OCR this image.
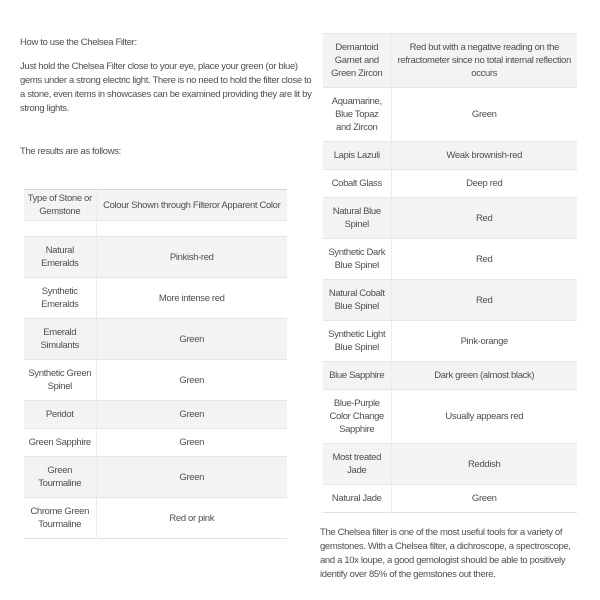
How to use the Chelsea Filter:

Just hold the Chelsea Filter close to your eye, place your green (or blue) gems under a strong electric light. There is no need to hold the filter close to a stone, even items in showcases can be examined providing they are lit by strong lights.

The results are as follows:

Type of Stone or Gemstone	Colour Shown through Filteror Apparent Color

Natural Emeralds	Pinkish-red
Synthetic Emeralds	More intense red
Emerald Simulants	Green
Synthetic Green Spinel	Green
Peridot	Green
Green Sapphire	Green
Green Tourmaline	Green
Chrome Green Tourmaline	Red or pink
Demantoid Garnet and Green Zircon	Red but with a negative reading on the refractometer since no total internal reflection occurs
Aquamarine, Blue Topaz and Zircon	Green
Lapis Lazuli	Weak brownish-red
Cobalt Glass	Deep red
Natural Blue Spinel	Red
Synthetic Dark Blue Spinel	Red
Natural Cobalt Blue Spinel	Red
Synthetic Light Blue Spinel	Pink-orange
Blue Sapphire	Dark green (almost black)
Blue-Purple Color Change Sapphire	Usually appears red
Most treated Jade	Reddish
Natural Jade	Green

The Chelsea filter is one of the most useful tools for a variety of gemstones. With a Chelsea filter, a dichroscope, a spectroscope, and a 10x loupe, a good gemologist should be able to positively identify over 85% of the gemstones out there.
